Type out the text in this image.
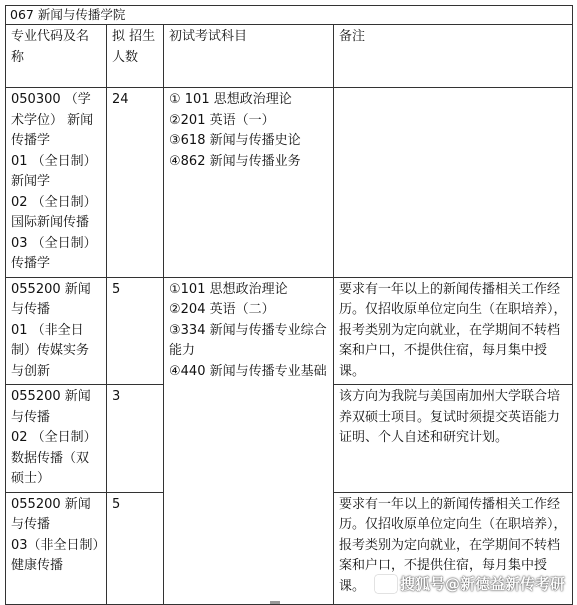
067 新闻与传播学院			
专业代码及名称	拟 招生 人数	初试考试科目	备注
050300 （学术学位） 新闻传播学
01 （全日制）新闻学
02 （全日制）国际新闻传播
03 （全日制）传播学	24	① 101 思想政治理论
②201 英语（一）
③618 新闻与传播史论
④862 新闻与传播业务	
055200 新闻与传播
01 （非全日制）传媒实务与创新	5	①101 思想政治理论
②204 英语（二）
③334 新闻与传播专业综合能力
④440 新闻与传播专业基础	要求有一年以上的新闻传播相关工作经历。仅招收原单位定向生（在职培养），报考类别为定向就业，在学期间不转档案和户口，不提供住宿，每月集中授课。
055200 新闻与传播
02 （全日制）数据传播（双硕士）	3		该方向为我院与美国南加州大学联合培养双硕士项目。复试时须提交英语能力证明、个人自述和研究计划。
055200 新闻与传播
03（非全日制）健康传播	5		要求有一年以上的新闻传播相关工作经历。仅招收原单位定向生（在职培养），报考类别为定向就业，在学期间不转档案和户口，不提供住宿，每月集中授课。 搜狐号@新德益新传考研
